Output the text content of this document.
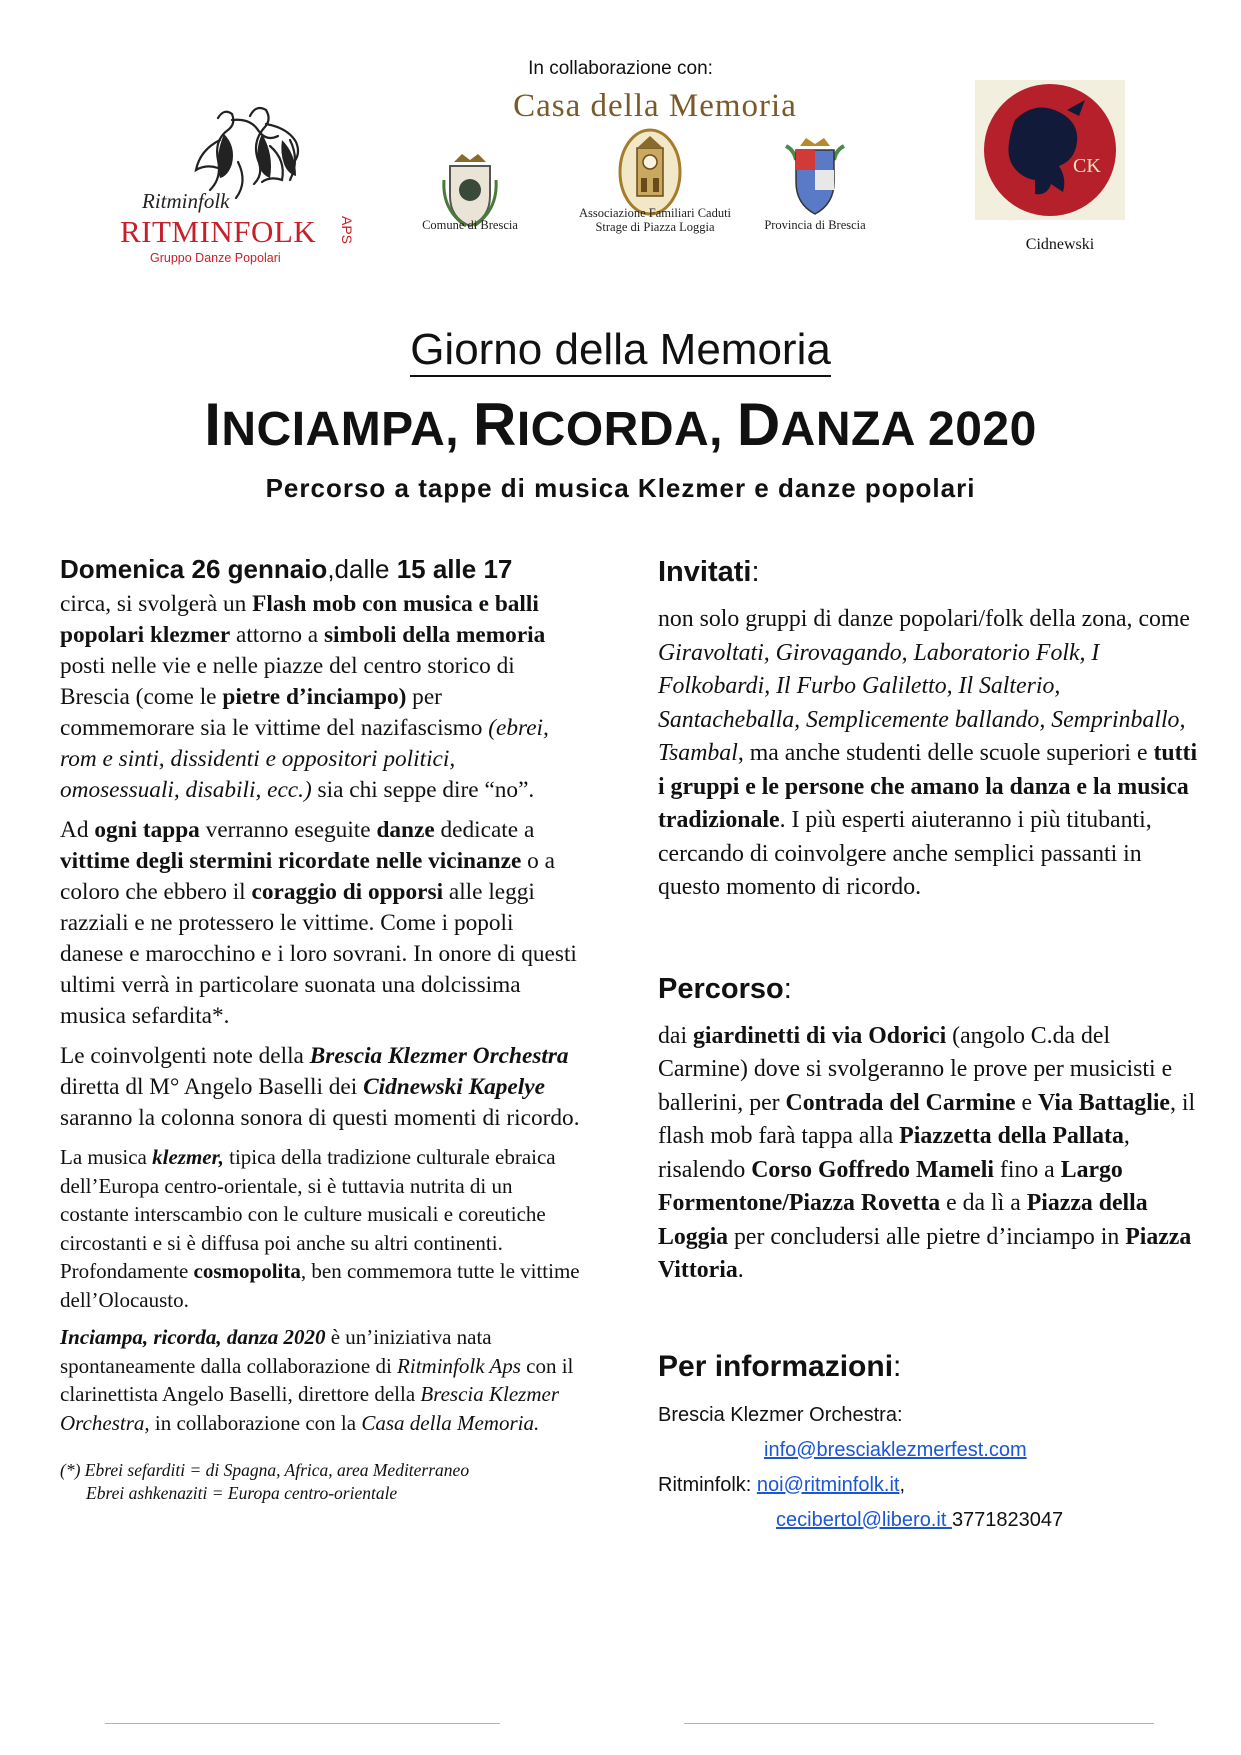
In collaborazione con:
Ritminfolk
RITMINFOLK APS
Gruppo Danze Popolari
Casa della Memoria
Comune di Brescia
Associazione Familiari Caduti Strage di Piazza Loggia	Provincia di Brescia
CK
Cidnewski
Giorno della Memoria
INCIAMPA, RICORDA, DANZA 2020
Percorso a tappe di musica Klezmer e danze popolari
Domenica 26 gennaio,dalle 15 alle 17

circa, si svolgerà un Flash mob con musica e balli popolari klezmer attorno a simboli della memoria posti nelle vie e nelle piazze del centro storico di Brescia (come le pietre d’inciampo) per commemorare sia le vittime del nazifascismo (ebrei, rom e sinti, dissidenti e oppositori politici, omosessuali, disabili, ecc.) sia chi seppe dire “no”.

Ad ogni tappa verranno eseguite danze dedicate a vittime degli stermini ricordate nelle vicinanze o a coloro che ebbero il coraggio di opporsi alle leggi razziali e ne protessero le vittime. Come i popoli danese e marocchino e i loro sovrani. In onore di questi ultimi verrà in particolare suonata una dolcissima musica sefardita*.

Le coinvolgenti note della Brescia Klezmer Orchestra diretta dl M° Angelo Baselli dei Cidnewski Kapelye saranno la colonna sonora di questi momenti di ricordo.

La musica klezmer, tipica della tradizione culturale ebraica dell’Europa centro-orientale, si è tuttavia nutrita di un costante interscambio con le culture musicali e coreutiche circostanti e si è diffusa poi anche su altri continenti. Profondamente cosmopolita, ben commemora tutte le vittime dell’Olocausto.

Inciampa, ricorda, danza 2020 è un’iniziativa nata spontaneamente dalla collaborazione di Ritminfolk Aps con il clarinettista Angelo Baselli, direttore della Brescia Klezmer Orchestra, in collaborazione con la Casa della Memoria.

(*) Ebrei sefarditi = di Spagna, Africa, area Mediterraneo
Ebrei ashkenaziti = Europa centro-orientale
Invitati:

non solo gruppi di danze popolari/folk della zona, come Giravoltati, Girovagando, Laboratorio Folk, I Folkobardi, Il Furbo Galiletto, Il Salterio, Santacheballa, Semplicemente ballando, Semprinballo, Tsambal, ma anche studenti delle scuole superiori e tutti i gruppi e le persone che amano la danza e la musica tradizionale. I più esperti aiuteranno i più titubanti, cercando di coinvolgere anche semplici passanti in questo momento di ricordo.

Percorso:

dai giardinetti di via Odorici (angolo C.da del Carmine) dove si svolgeranno le prove per musicisti e ballerini, per Contrada del Carmine e Via Battaglie, il flash mob farà tappa alla Piazzetta della Pallata, risalendo Corso Goffredo Mameli fino a Largo Formentone/Piazza Rovetta e da lì a Piazza della Loggia per concludersi alle pietre d’inciampo in Piazza Vittoria.

Per informazioni:
Brescia Klezmer Orchestra:
info@bresciaklezmerfest.com
Ritminfolk: noi@ritminfolk.it,
cecibertol@libero.it 3771823047
